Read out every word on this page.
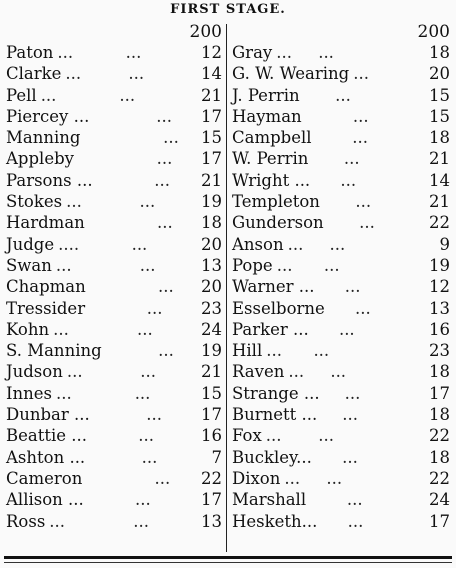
FIRST STAGE.
200
Paton ...          ...	12
Clarke ...         ...	14
Pell ...            ...	21
Piercey ... ...	17
Manning ...	15
Appleby ...	17
Parsons ... ...	21
Stokes ...           ...	19
Hardman ...	18
Judge ....          ...	20
Swan ...             ...	13
Chapman ...	20
Tressider ...	23
Kohn ...             ...	24
S. Manning ...	19
Judson ...           ...	21
Innes ...            ...	15
Dunbar ... ...	17
Beattie ... ...	16
Ashton ... ...	7
Cameron ...	22
Allison ... ...	17
Ross ...             ...	13
200
Gray ...     ...	18
G. W. Wearing ...	20
J. Perrin ...	15
Hayman ...	15
Campbell ...	18
W. Perrin ...	21
Wright ... ...	14
Templeton ...	21
Gunderson ...	22
Anson ...     ...	9
Pope ...      ...	19
Warner ... ...	12
Esselborne ...	13
Parker ... ...	16
Hill ...      ...	23
Raven ...     ...	18
Strange ... ...	17
Burnett ... ...	18
Fox ...       ...	22
Buckley... ...	18
Dixon ...     ...	22
Marshall ...	24
Hesketh... ...	17
